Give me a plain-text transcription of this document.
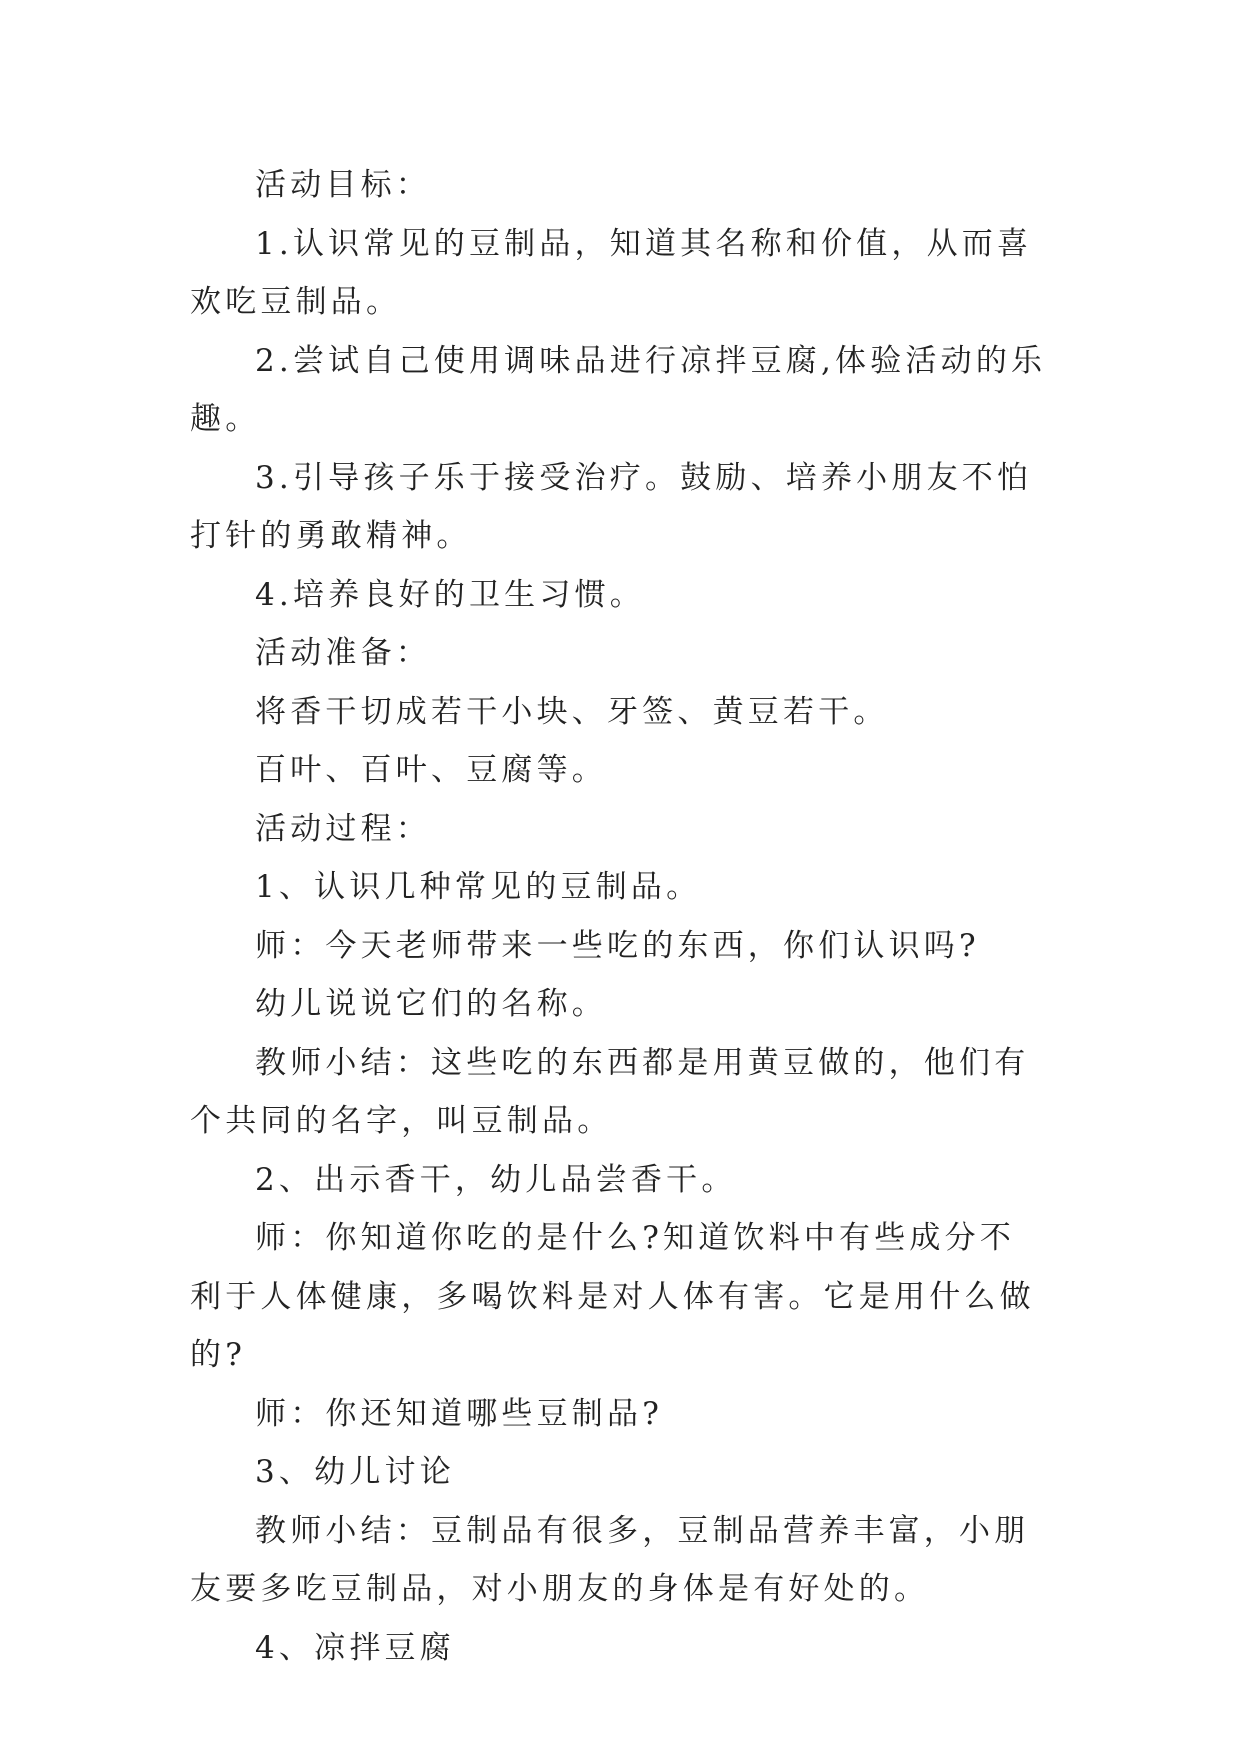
活动目标：

1.认识常见的豆制品，知道其名称和价值，从而喜欢吃豆制品。

2.尝试自己使用调味品进行凉拌豆腐,体验活动的乐趣。

3.引导孩子乐于接受治疗。鼓励、培养小朋友不怕打针的勇敢精神。

4.培养良好的卫生习惯。

活动准备：

将香干切成若干小块、牙签、黄豆若干。

百叶、百叶、豆腐等。

活动过程：

1、认识几种常见的豆制品。

师：今天老师带来一些吃的东西，你们认识吗?

幼儿说说它们的名称。

教师小结：这些吃的东西都是用黄豆做的，他们有个共同的名字，叫豆制品。

2、出示香干，幼儿品尝香干。

师：你知道你吃的是什么?知道饮料中有些成分不利于人体健康，多喝饮料是对人体有害。它是用什么做的?

师：你还知道哪些豆制品?

3、幼儿讨论

教师小结：豆制品有很多，豆制品营养丰富，小朋友要多吃豆制品，对小朋友的身体是有好处的。

4、凉拌豆腐
